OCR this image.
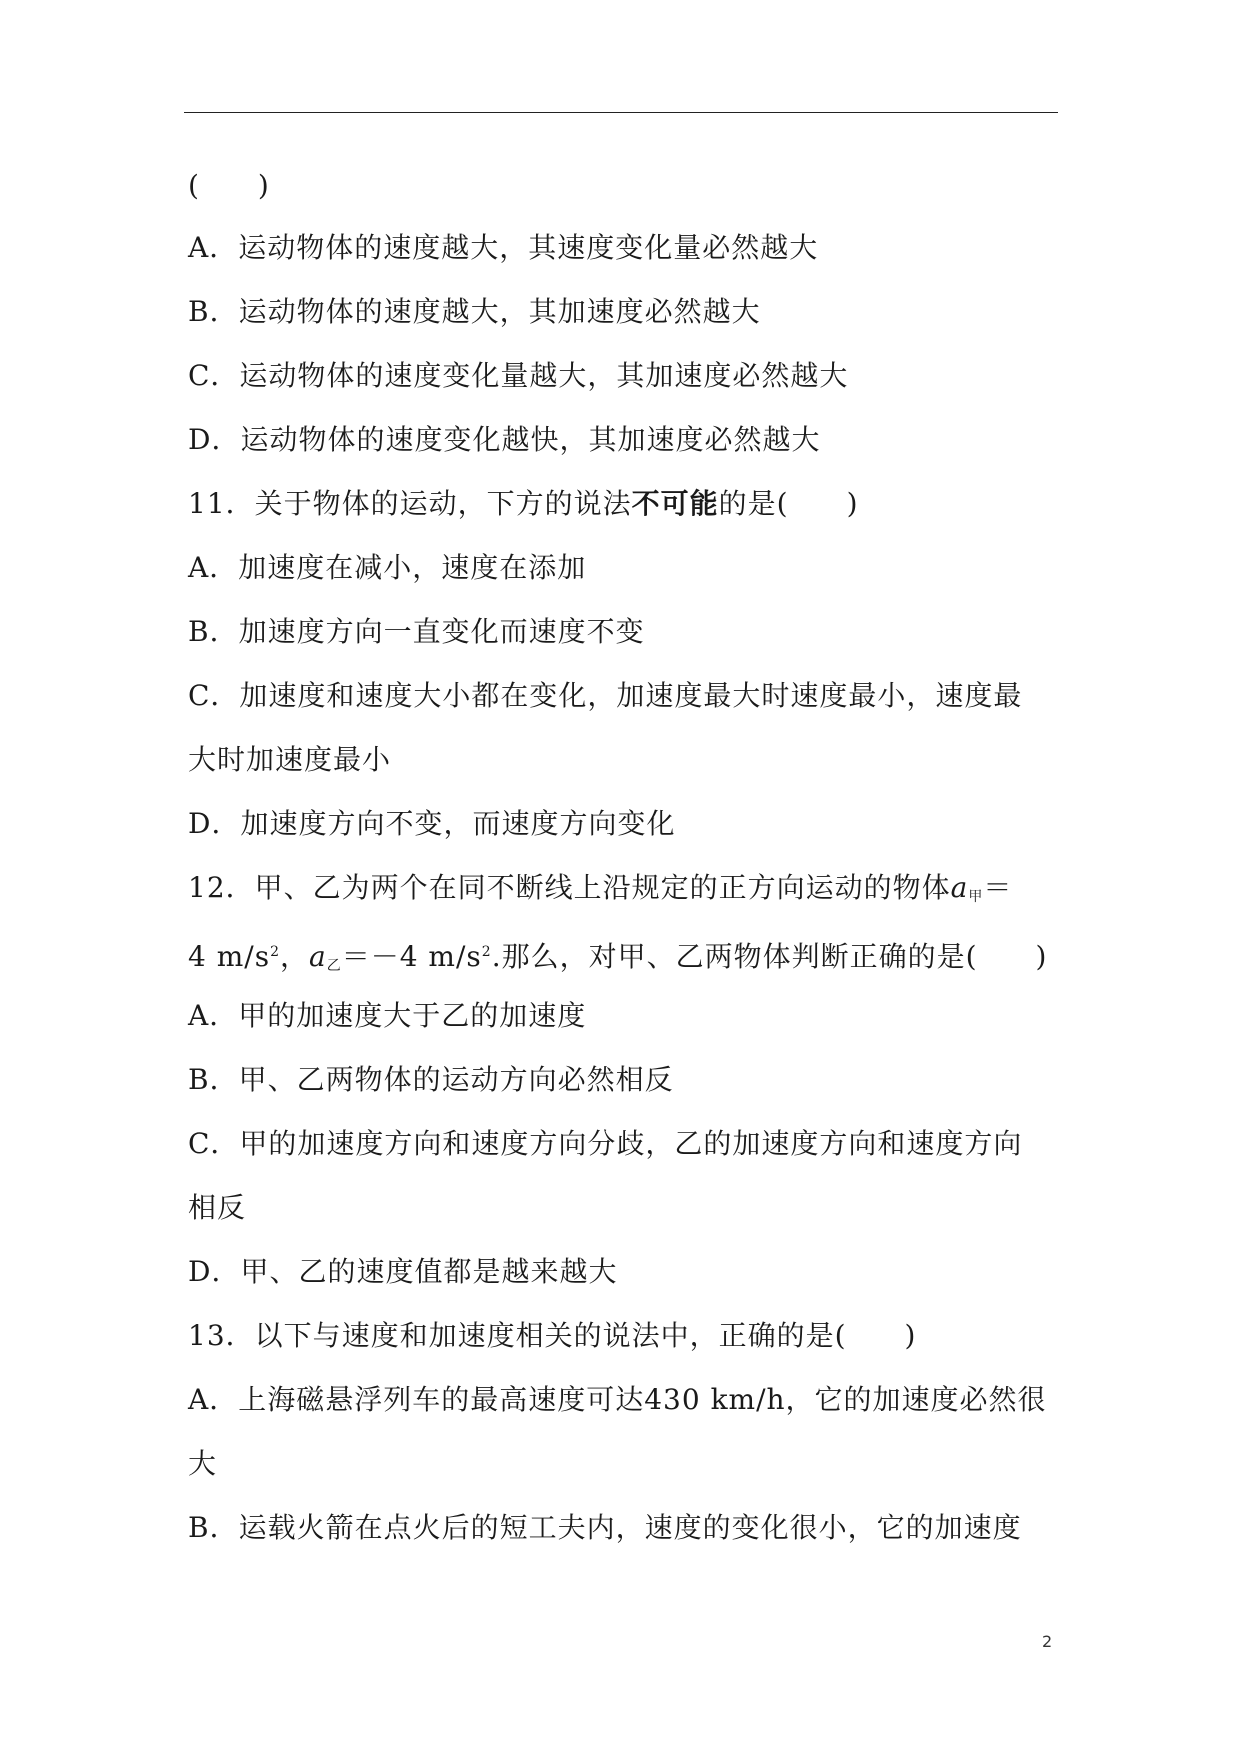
(　　)
A．运动物体的速度越大，其速度变化量必然越大
B．运动物体的速度越大，其加速度必然越大
C．运动物体的速度变化量越大，其加速度必然越大
D．运动物体的速度变化越快，其加速度必然越大
11．关于物体的运动，下方的说法不可能的是(　　)
A．加速度在减小，速度在添加
B．加速度方向一直变化而速度不变
C．加速度和速度大小都在变化，加速度最大时速度最小，速度最
大时加速度最小
D．加速度方向不变，而速度方向变化
12．甲、乙为两个在同不断线上沿规定的正方向运动的物体$a_甲=$
4 $m/s^2$，$a_乙=-4$ $m/s^2$.那么，对甲、乙两物体判断正确的是(　　)
A．甲的加速度大于乙的加速度
B．甲、乙两物体的运动方向必然相反
C．甲的加速度方向和速度方向分歧，乙的加速度方向和速度方向
相反
D．甲、乙的速度值都是越来越大
13．以下与速度和加速度相关的说法中，正确的是(　　)
A．上海磁悬浮列车的最高速度可达430 km/h，它的加速度必然很
大
B．运载火箭在点火后的短工夫内，速度的变化很小，它的加速度
2
